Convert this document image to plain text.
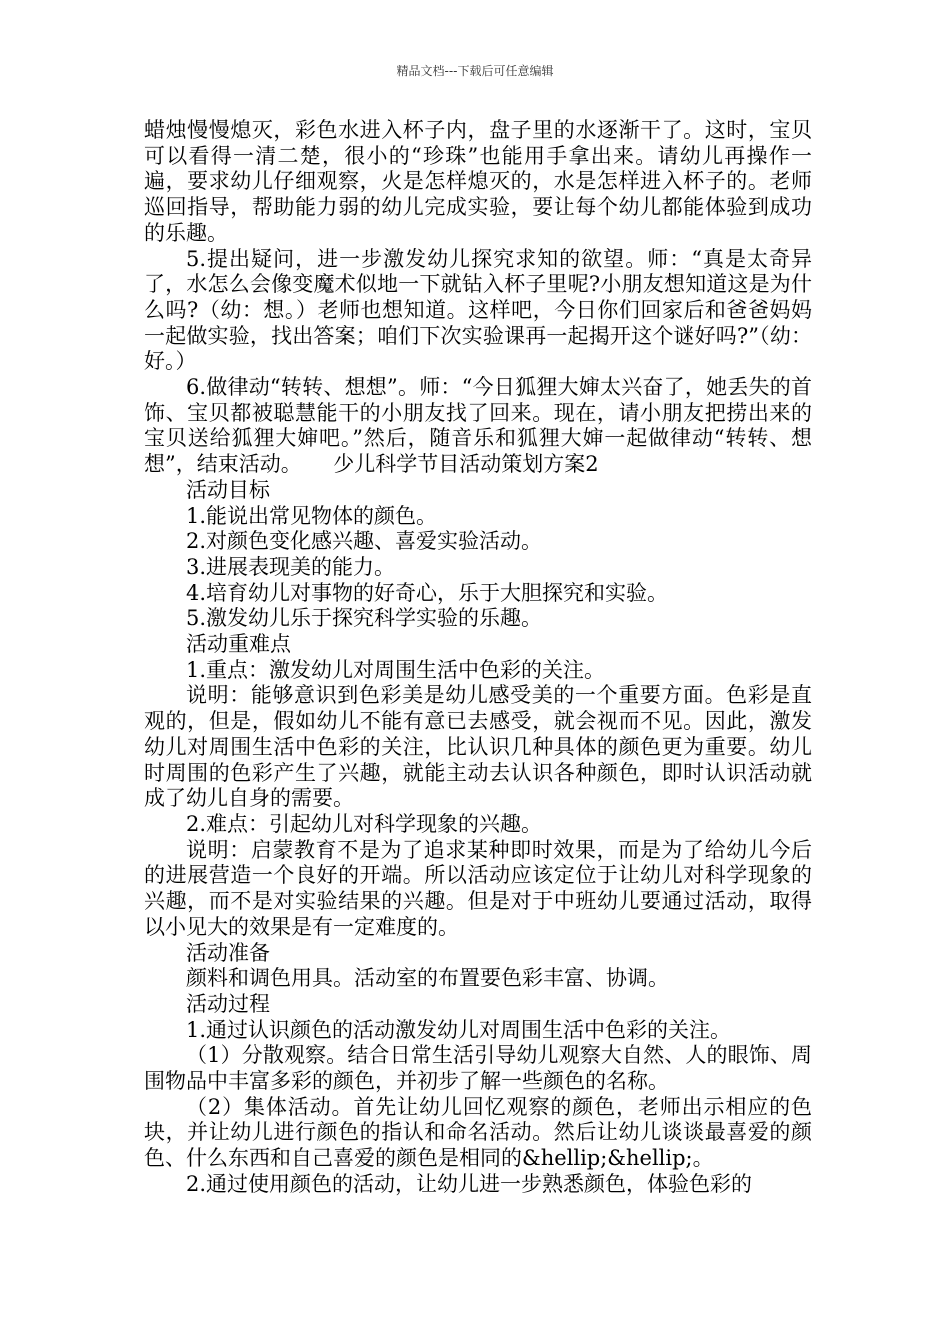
精品文档---下载后可任意编辑

蜡烛慢慢熄灭，彩色水进入杯子内，盘子里的水逐渐干了。这时，宝贝可以看得一清二楚，很小的“珍珠”也能用手拿出来。请幼儿再操作一遍，要求幼儿仔细观察，火是怎样熄灭的，水是怎样进入杯子的。老师巡回指导，帮助能力弱的幼儿完成实验，要让每个幼儿都能体验到成功的乐趣。

5.提出疑问，进一步激发幼儿探究求知的欲望。师：“真是太奇异了，水怎么会像变魔术似地一下就钻入杯子里呢?小朋友想知道这是为什么吗?（幼：想。）老师也想知道。这样吧，今日你们回家后和爸爸妈妈一起做实验，找出答案；咱们下次实验课再一起揭开这个谜好吗?”（幼：好。）

6.做律动“转转、想想”。师：“今日狐狸大婶太兴奋了，她丢失的首饰、宝贝都被聪慧能干的小朋友找了回来。现在，请小朋友把捞出来的宝贝送给狐狸大婶吧。”然后，随音乐和狐狸大婶一起做律动“转转、想想”，结束活动。　　少儿科学节目活动策划方案2

活动目标

1.能说出常见物体的颜色。

2.对颜色变化感兴趣、喜爱实验活动。

3.进展表现美的能力。

4.培育幼儿对事物的好奇心，乐于大胆探究和实验。

5.激发幼儿乐于探究科学实验的乐趣。

活动重难点

1.重点：激发幼儿对周围生活中色彩的关注。

说明：能够意识到色彩美是幼儿感受美的一个重要方面。色彩是直观的，但是，假如幼儿不能有意已去感受，就会视而不见。因此，激发幼儿对周围生活中色彩的关注，比认识几种具体的颜色更为重要。幼儿时周围的色彩产生了兴趣，就能主动去认识各种颜色，即时认识活动就成了幼儿自身的需要。

2.难点：引起幼儿对科学现象的兴趣。

说明：启蒙教育不是为了追求某种即时效果，而是为了给幼儿今后的进展营造一个良好的开端。所以活动应该定位于让幼儿对科学现象的兴趣，而不是对实验结果的兴趣。但是对于中班幼儿要通过活动，取得以小见大的效果是有一定难度的。

活动准备

颜料和调色用具。活动室的布置要色彩丰富、协调。

活动过程

1.通过认识颜色的活动激发幼儿对周围生活中色彩的关注。

（1）分散观察。结合日常生活引导幼儿观察大自然、人的眼饰、周围物品中丰富多彩的颜色，并初步了解一些颜色的名称。

（2）集体活动。首先让幼儿回忆观察的颜色，老师出示相应的色块，并让幼儿进行颜色的指认和命名活动。然后让幼儿谈谈最喜爱的颜色、什么东西和自己喜爱的颜色是相同的&hellip;&hellip;。

2.通过使用颜色的活动，让幼儿进一步熟悉颜色，体验色彩的
